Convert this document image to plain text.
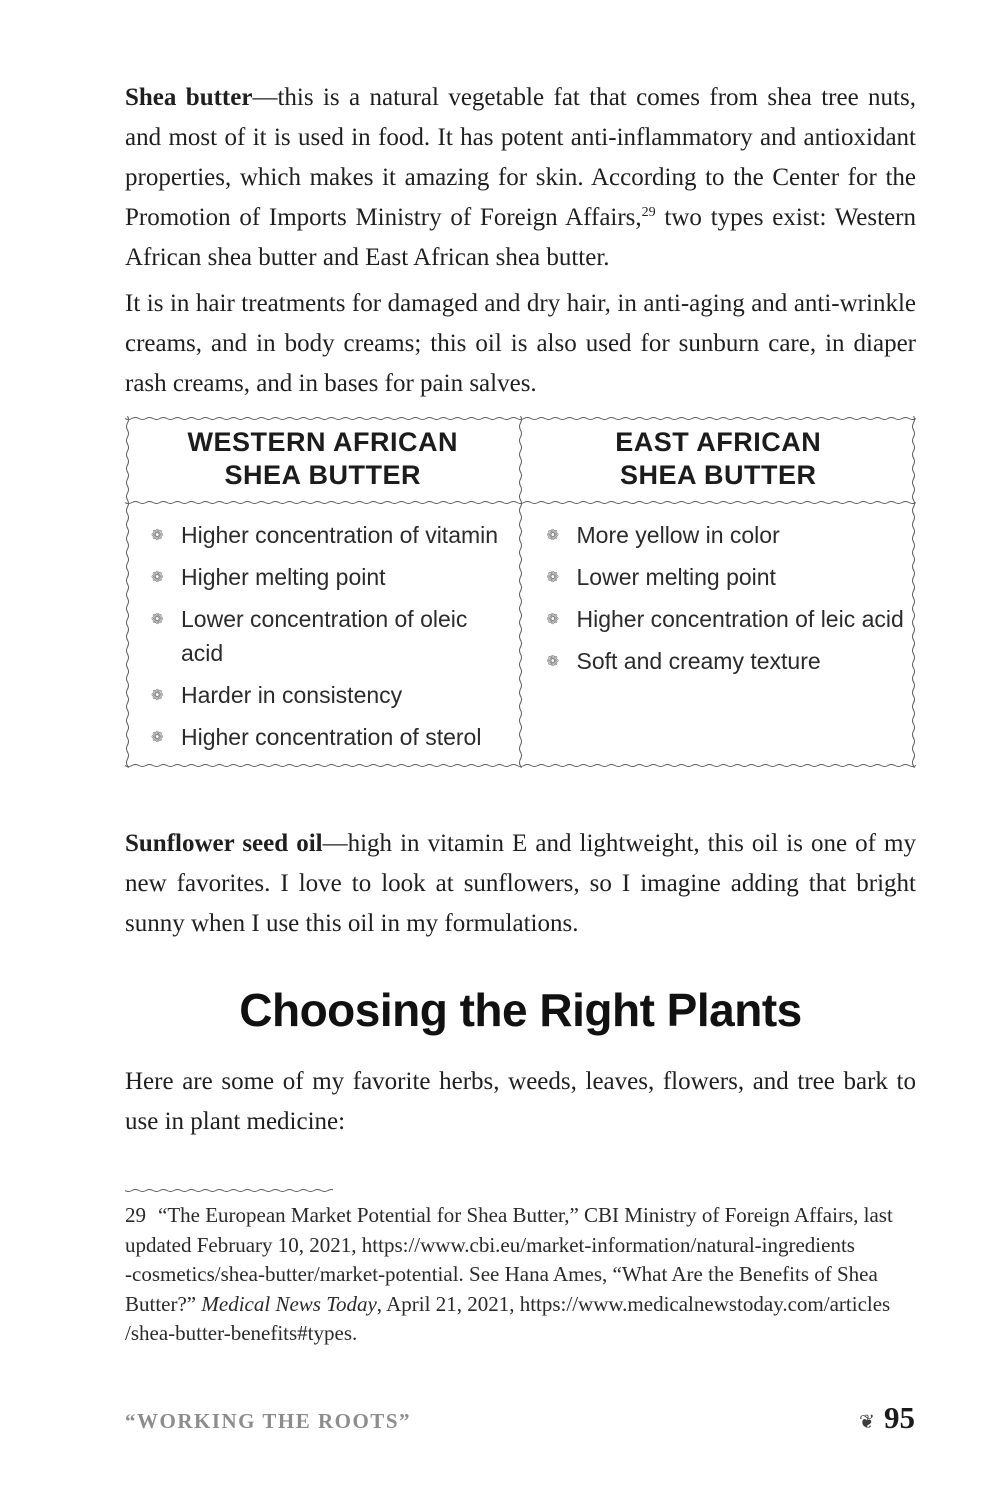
Shea butter—this is a natural vegetable fat that comes from shea tree nuts, and most of it is used in food. It has potent anti-inflammatory and antioxidant properties, which makes it amazing for skin. According to the Center for the Promotion of Imports Ministry of Foreign Affairs,$^{29}$ two types exist: Western African shea butter and East African shea butter.

It is in hair treatments for damaged and dry hair, in anti-aging and anti-wrinkle creams, and in body creams; this oil is also used for sunburn care, in diaper rash creams, and in bases for pain salves.

WESTERN AFRICAN
SHEA BUTTER
❁ Higher concentration of vitamin
❁ Higher melting point
❁ Lower concentration of oleic acid
❁ Harder in consistency
❁ Higher concentration of sterol
EAST AFRICAN
SHEA BUTTER
❁ More yellow in color
❁ Lower melting point
❁ Higher concentration of leic acid
❁ Soft and creamy texture

Sunflower seed oil—high in vitamin E and lightweight, this oil is one of my new favorites. I love to look at sunflowers, so I imagine adding that bright sunny when I use this oil in my formulations.

Choosing the Right Plants

Here are some of my favorite herbs, weeds, leaves, flowers, and tree bark to use in plant medicine:

29 “The European Market Potential for Shea Butter,” CBI Ministry of Foreign Affairs, last
updated February 10, 2021, https://www.cbi.eu/market-information/natural-ingredients
-cosmetics/shea-butter/market-potential. See Hana Ames, “What Are the Benefits of Shea
Butter?” Medical News Today, April 21, 2021, https://www.medicalnewstoday.com/articles
/shea-butter-benefits#types.
“WORKING THE ROOTS”	❦ 95
